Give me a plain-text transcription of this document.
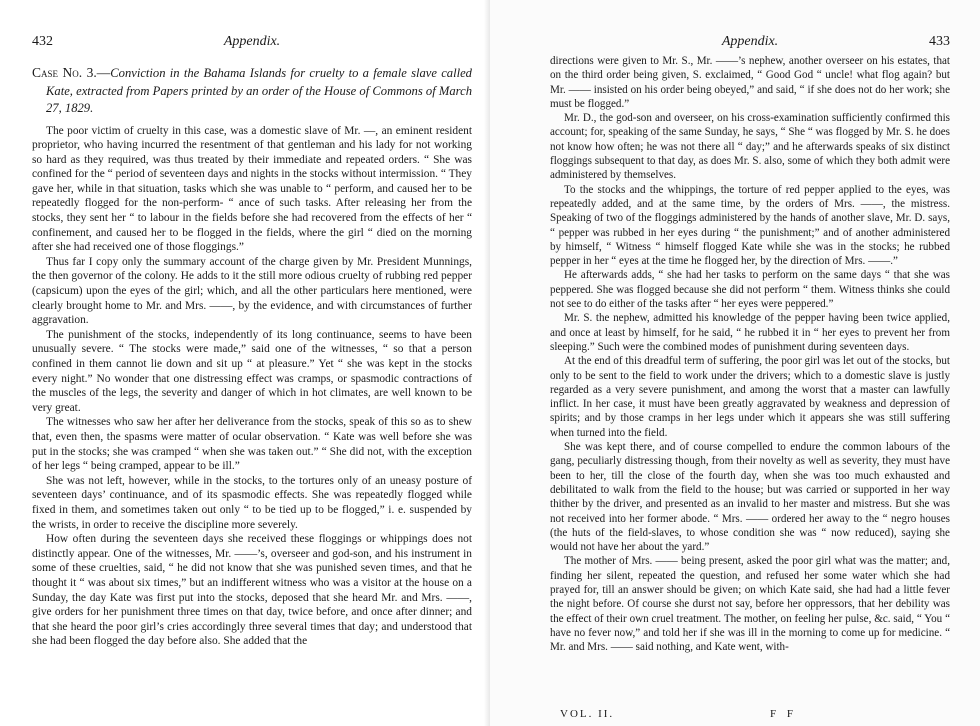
432	Appendix.
Case No. 3.—Conviction in the Bahama Islands for cruelty to a female slave called Kate, extracted from Papers printed by an order of the House of Commons of March 27, 1829.

The poor victim of cruelty in this case, was a domestic slave of Mr. —, an eminent resident proprietor, who having incurred the resentment of that gentleman and his lady for not working so hard as they required, was thus treated by their immediate and repeated orders. “ She was confined for the “ period of seventeen days and nights in the stocks without intermission. “ They gave her, while in that situation, tasks which she was unable to “ perform, and caused her to be repeatedly flogged for the non-perform- “ ance of such tasks. After releasing her from the stocks, they sent her “ to labour in the fields before she had recovered from the effects of her “ confinement, and caused her to be flogged in the fields, where the girl “ died on the morning after she had received one of those floggings.”

Thus far I copy only the summary account of the charge given by Mr. President Munnings, the then governor of the colony. He adds to it the still more odious cruelty of rubbing red pepper (capsicum) upon the eyes of the girl; which, and all the other particulars here mentioned, were clearly brought home to Mr. and Mrs. ——, by the evidence, and with circumstances of further aggravation.

The punishment of the stocks, independently of its long continuance, seems to have been unusually severe. “ The stocks were made,” said one of the witnesses, “ so that a person confined in them cannot lie down and sit up “ at pleasure.” Yet “ she was kept in the stocks every night.” No wonder that one distressing effect was cramps, or spasmodic contractions of the muscles of the legs, the severity and danger of which in hot climates, are well known to be very great.

The witnesses who saw her after her deliverance from the stocks, speak of this so as to shew that, even then, the spasms were matter of ocular observation. “ Kate was well before she was put in the stocks; she was cramped “ when she was taken out.” “ She did not, with the exception of her legs “ being cramped, appear to be ill.”

She was not left, however, while in the stocks, to the tortures only of an uneasy posture of seventeen days’ continuance, and of its spasmodic effects. She was repeatedly flogged while fixed in them, and sometimes taken out only “ to be tied up to be flogged,” i. e. suspended by the wrists, in order to receive the discipline more severely.

How often during the seventeen days she received these floggings or whippings does not distinctly appear. One of the witnesses, Mr. ——’s, overseer and god-son, and his instrument in some of these cruelties, said, “ he did not know that she was punished seven times, and that he thought it “ was about six times,” but an indifferent witness who was a visitor at the house on a Sunday, the day Kate was first put into the stocks, deposed that she heard Mr. and Mrs. ——, give orders for her punishment three times on that day, twice before, and once after dinner; and that she heard the poor girl’s cries accordingly three several times that day; and understood that she had been flogged the day before also. She added that the

Appendix.	433

directions were given to Mr. S., Mr. ——’s nephew, another overseer on his estates, that on the third order being given, S. exclaimed, “ Good God “ uncle! what flog again? but Mr. —— insisted on his order being obeyed,” and said, “ if she does not do her work; she must be flogged.”

Mr. D., the god-son and overseer, on his cross-examination sufficiently confirmed this account; for, speaking of the same Sunday, he says, “ She “ was flogged by Mr. S. he does not know how often; he was not there all “ day;” and he afterwards speaks of six distinct floggings subsequent to that day, as does Mr. S. also, some of which they both admit were administered by themselves.

To the stocks and the whippings, the torture of red pepper applied to the eyes, was repeatedly added, and at the same time, by the orders of Mrs. ——, the mistress. Speaking of two of the floggings administered by the hands of another slave, Mr. D. says, “ pepper was rubbed in her eyes during “ the punishment;” and of another administered by himself, “ Witness “ himself flogged Kate while she was in the stocks; he rubbed pepper in her “ eyes at the time he flogged her, by the direction of Mrs. ——.”

He afterwards adds, “ she had her tasks to perform on the same days “ that she was peppered. She was flogged because she did not perform “ them. Witness thinks she could not see to do either of the tasks after “ her eyes were peppered.”

Mr. S. the nephew, admitted his knowledge of the pepper having been twice applied, and once at least by himself, for he said, “ he rubbed it in “ her eyes to prevent her from sleeping.” Such were the combined modes of punishment during seventeen days.

At the end of this dreadful term of suffering, the poor girl was let out of the stocks, but only to be sent to the field to work under the drivers; which to a domestic slave is justly regarded as a very severe punishment, and among the worst that a master can lawfully inflict. In her case, it must have been greatly aggravated by weakness and depression of spirits; and by those cramps in her legs under which it appears she was still suffering when turned into the field.

She was kept there, and of course compelled to endure the common labours of the gang, peculiarly distressing though, from their novelty as well as severity, they must have been to her, till the close of the fourth day, when she was too much exhausted and debilitated to walk from the field to the house; but was carried or supported in her way thither by the driver, and presented as an invalid to her master and mistress. But she was not received into her former abode. “ Mrs. —— ordered her away to the “ negro houses (the huts of the field-slaves, to whose condition she was “ now reduced), saying she would not have her about the yard.”

The mother of Mrs. —— being present, asked the poor girl what was the matter; and, finding her silent, repeated the question, and refused her some water which she had prayed for, till an answer should be given; on which Kate said, she had had a little fever the night before. Of course she durst not say, before her oppressors, that her debility was the effect of their own cruel treatment. The mother, on feeling her pulse, &c. said, “ You “ have no fever now,” and told her if she was ill in the morning to come up for medicine. “ Mr. and Mrs. —— said nothing, and Kate went, with-

VOL. II.	F F
